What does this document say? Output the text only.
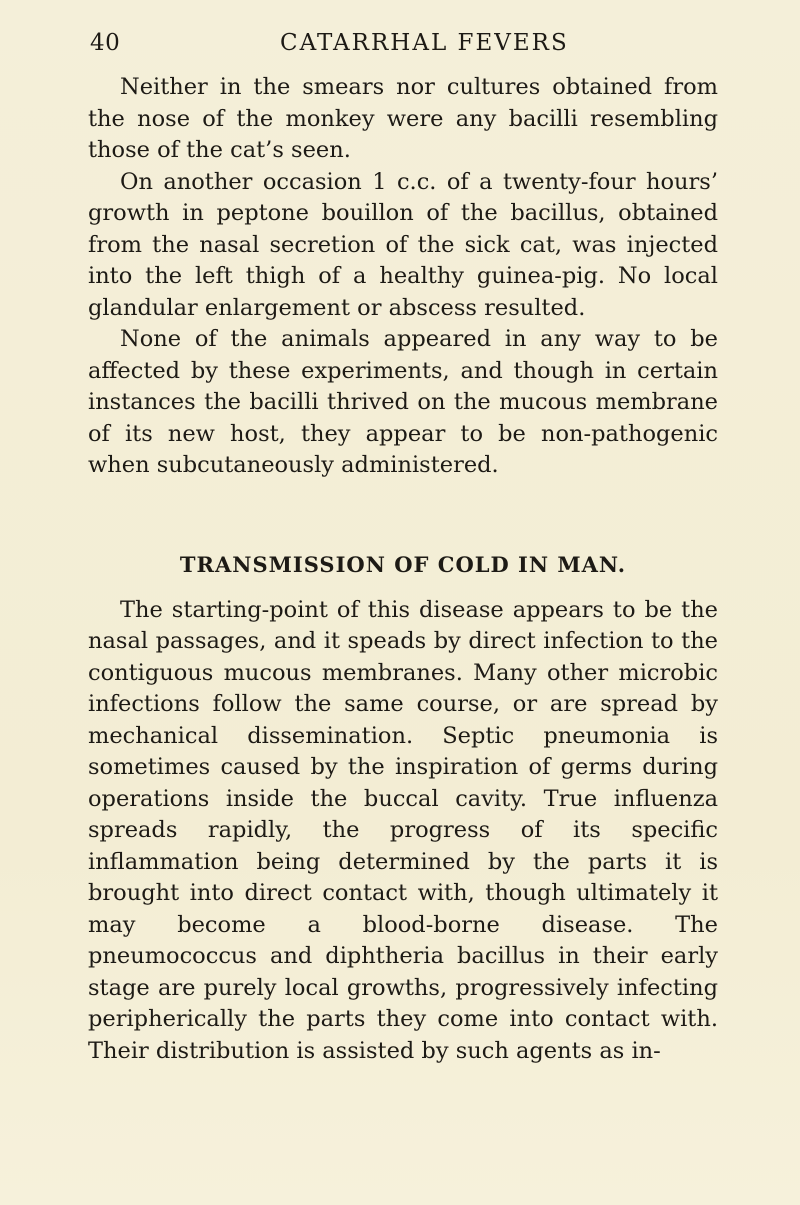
40	CATARRHAL FEVERS

Neither in the smears nor cultures obtained from the nose of the monkey were any bacilli resembling those of the cat’s seen.

On another occasion 1 c.c. of a twenty-four hours’ growth in peptone bouillon of the bacillus, obtained from the nasal secretion of the sick cat, was injected into the left thigh of a healthy guinea-pig. No local glandular enlargement or abscess resulted.

None of the animals appeared in any way to be affected by these experiments, and though in certain instances the bacilli thrived on the mucous membrane of its new host, they appear to be non-pathogenic when subcutaneously administered.

TRANSMISSION OF COLD IN MAN.

The starting-point of this disease appears to be the nasal passages, and it speads by direct infection to the contiguous mucous membranes. Many other microbic infections follow the same course, or are spread by mechanical dissemination. Septic pneumonia is sometimes caused by the inspiration of germs during operations inside the buccal cavity. True influenza spreads rapidly, the progress of its specific inflammation being determined by the parts it is brought into direct contact with, though ultimately it may become a blood-borne disease. The pneumococcus and diphtheria bacillus in their early stage are purely local growths, progressively infecting peripherically the parts they come into contact with. Their distribution is assisted by such agents as in-
